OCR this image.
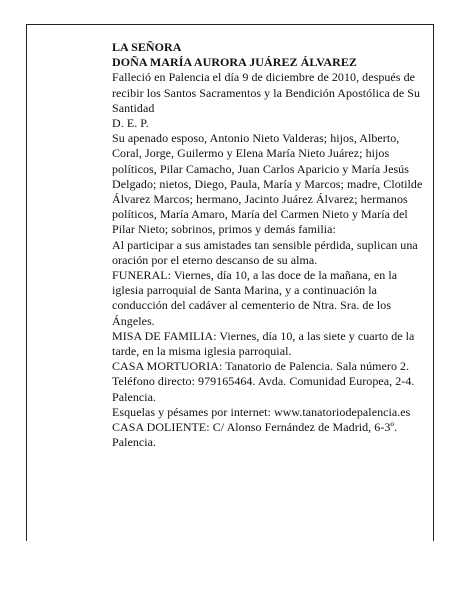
LA SEÑORA

DOÑA MARÍA AURORA JUÁREZ ÁLVAREZ

Falleció en Palencia el día 9 de diciembre de 2010, después de recibir los Santos Sacramentos y la Bendición Apostólica de Su Santidad

D. E. P.

Su apenado esposo, Antonio Nieto Valderas; hijos, Alberto, Coral, Jorge, Guilermo y Elena María Nieto Juárez; hijos políticos, Pilar Camacho, Juan Carlos Aparicio y María Jesús Delgado; nietos, Diego, Paula, María y Marcos; madre, Clotilde Álvarez Marcos; hermano, Jacinto Juárez Álvarez; hermanos políticos, María Amaro, María del Carmen Nieto y María del Pilar Nieto; sobrinos, primos y demás familia:

Al participar a sus amistades tan sensible pérdida, suplican una oración por el eterno descanso de su alma.

FUNERAL: Viernes, día 10, a las doce de la mañana, en la iglesia parroquial de Santa Marina, y a continuación la conducción del cadáver al cementerio de Ntra. Sra. de los Ángeles.

MISA DE FAMILIA: Viernes, día 10, a las siete y cuarto de la tarde, en la misma iglesia parroquial.

CASA MORTUORIA: Tanatorio de Palencia. Sala número 2. Teléfono directo: 979165464. Avda. Comunidad Europea, 2-4. Palencia.

Esquelas y pésames por internet: www.tanatoriodepalencia.es

CASA DOLIENTE: C/ Alonso Fernández de Madrid, 6-3º. Palencia.
